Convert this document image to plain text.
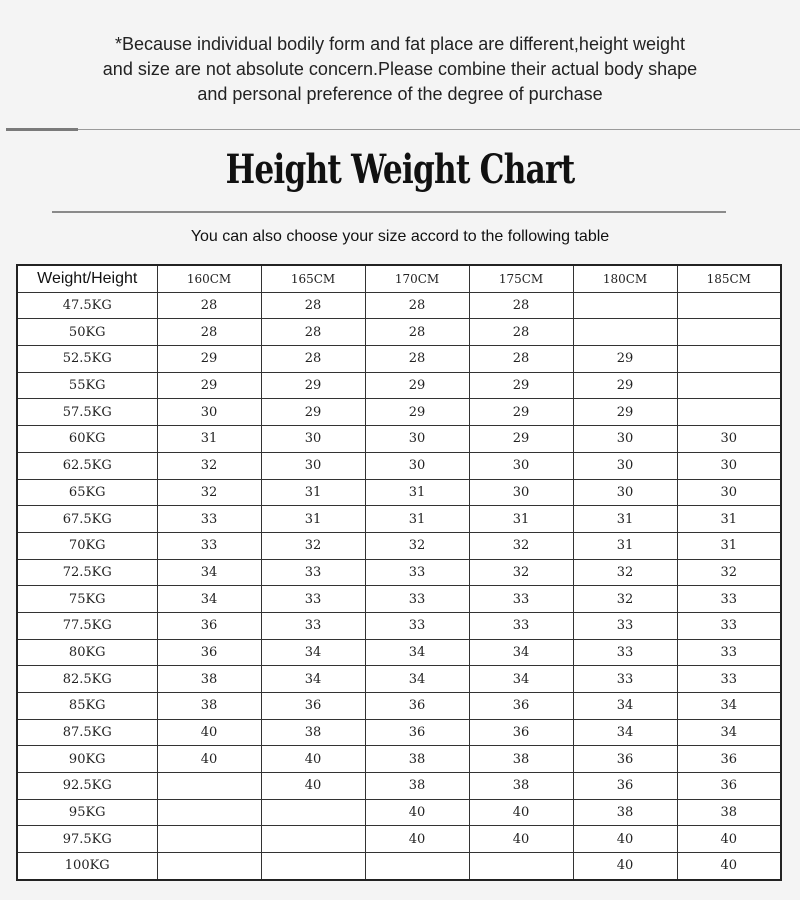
*Because individual bodily form and fat place are different,height weight
and size are not absolute concern.Please combine their actual body shape
and personal preference of the degree of purchase
Height Weight Chart
You can also choose your size accord to the following table
Weight/Height	160CM	165CM	170CM	175CM	180CM	185CM
47.5KG	28	28	28	28		
50KG	28	28	28	28		
52.5KG	29	28	28	28	29	
55KG	29	29	29	29	29	
57.5KG	30	29	29	29	29	
60KG	31	30	30	29	30	30
62.5KG	32	30	30	30	30	30
65KG	32	31	31	30	30	30
67.5KG	33	31	31	31	31	31
70KG	33	32	32	32	31	31
72.5KG	34	33	33	32	32	32
75KG	34	33	33	33	32	33
77.5KG	36	33	33	33	33	33
80KG	36	34	34	34	33	33
82.5KG	38	34	34	34	33	33
85KG	38	36	36	36	34	34
87.5KG	40	38	36	36	34	34
90KG	40	40	38	38	36	36
92.5KG		40	38	38	36	36
95KG			40	40	38	38
97.5KG			40	40	40	40
100KG					40	40
